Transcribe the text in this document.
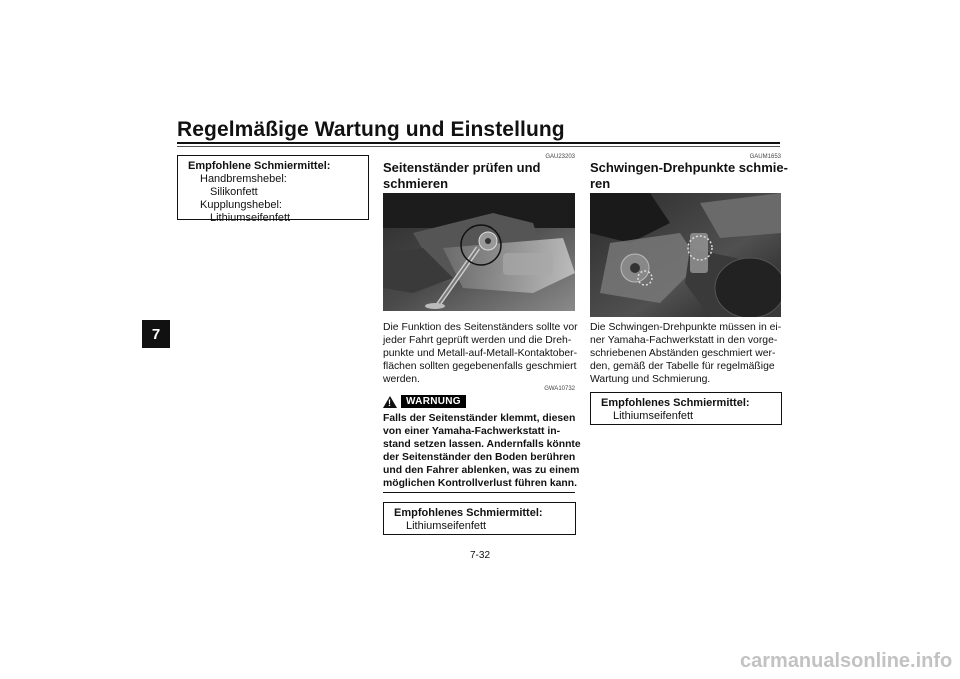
Regelmäßige Wartung und Einstellung
7
Empfohlene Schmiermittel:
Handbremshebel:
Silikonfett
Kupplungshebel:
Lithiumseifenfett
GAU23203
Seitenständer prüfen und
schmieren
Die Funktion des Seitenständers sollte vor
jeder Fahrt geprüft werden und die Dreh-
punkte und Metall-auf-Metall-Kontaktober-
flächen sollten gegebenenfalls geschmiert
werden.
GWA10732
!	WARNUNG
Falls der Seitenständer klemmt, diesen
von einer Yamaha-Fachwerkstatt in-
stand setzen lassen. Andernfalls könnte
der Seitenständer den Boden berühren
und den Fahrer ablenken, was zu einem
möglichen Kontrollverlust führen kann.
Empfohlenes Schmiermittel:
Lithiumseifenfett
GAUM1653
Schwingen-Drehpunkte schmie-
ren
Die Schwingen-Drehpunkte müssen in ei-
ner Yamaha-Fachwerkstatt in den vorge-
schriebenen Abständen geschmiert wer-
den, gemäß der Tabelle für regelmäßige
Wartung und Schmierung.
Empfohlenes Schmiermittel:
Lithiumseifenfett
7-32
carmanualsonline.info
